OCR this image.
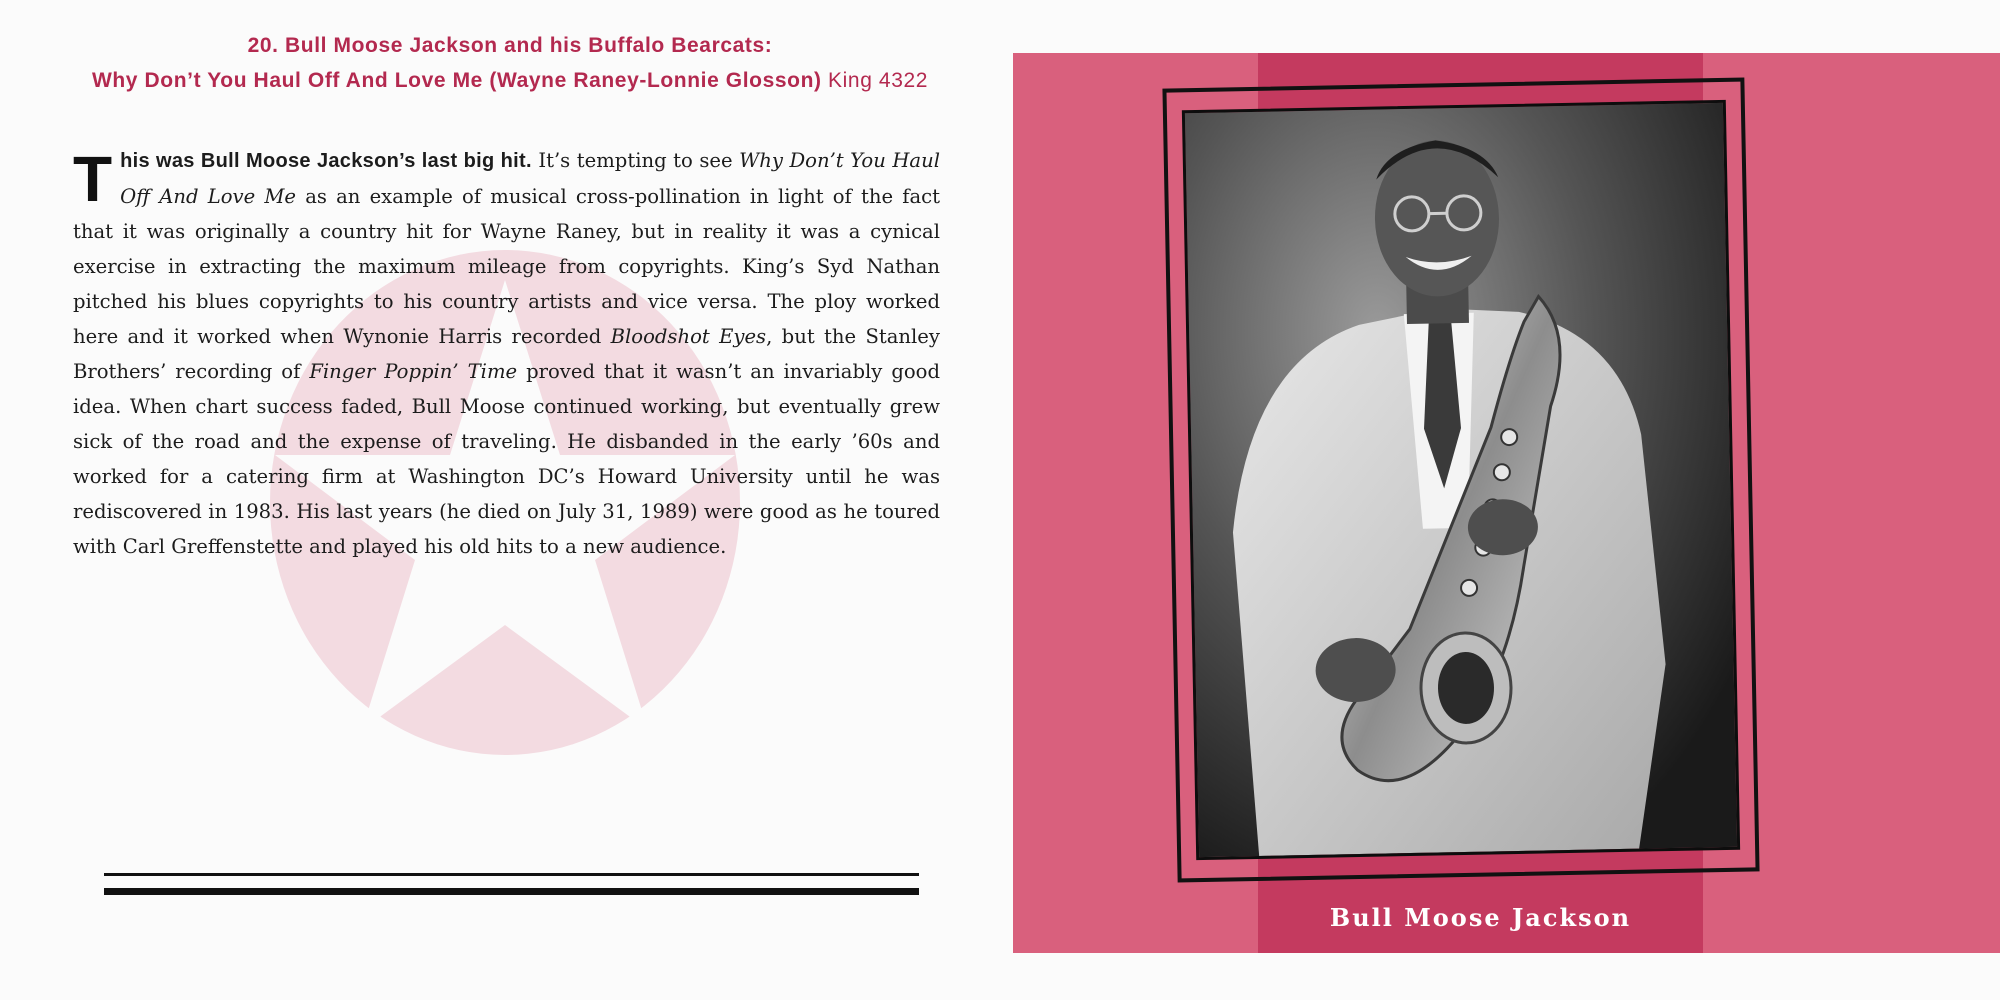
20. Bull Moose Jackson and his Buffalo Bearcats:
Why Don’t You Haul Off And Love Me (Wayne Raney-Lonnie Glosson) King 4322
This was Bull Moose Jackson’s last big hit. It’s tempting to see Why Don’t You Haul Off And Love Me as an example of musical cross-pollination in light of the fact that it was originally a country hit for Wayne Raney, but in reality it was a cynical exercise in extracting the maximum mileage from copyrights. King’s Syd Nathan pitched his blues copyrights to his country artists and vice versa. The ploy worked here and it worked when Wynonie Harris recorded Bloodshot Eyes, but the Stanley Brothers’ recording of Finger Poppin’ Time proved that it wasn’t an invariably good idea. When chart success faded, Bull Moose continued working, but eventually grew sick of the road and the expense of traveling. He disbanded in the early ’60s and worked for a catering firm at Washington DC’s Howard University until he was rediscovered in 1983. His last years (he died on July 31, 1989) were good as he toured with Carl Greffenstette and played his old hits to a new audience.
Bull Moose Jackson
